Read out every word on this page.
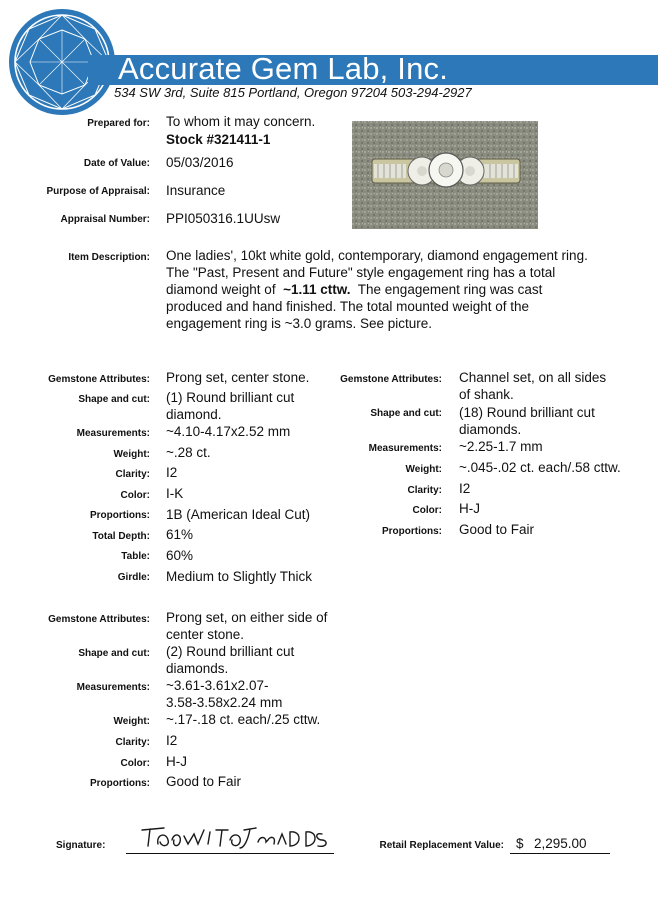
Accurate Gem Lab, Inc.
534 SW 3rd, Suite 815 Portland, Oregon 97204 503-294-2927
Prepared for: To whom it may concern.
Stock #321411-1
Date of Value: 05/03/2016
Purpose of Appraisal: Insurance
Appraisal Number: PPI050316.1UUsw
Item Description: One ladies', 10kt white gold, contemporary, diamond engagement ring.
The "Past, Present and Future" style engagement ring has a total
diamond weight of ~1.11 cttw. The engagement ring was cast
produced and hand finished. The total mounted weight of the
engagement ring is ~3.0 grams. See picture.
Gemstone Attributes: Prong set, center stone.
Shape and cut: (1) Round brilliant cut
diamond.
Measurements: ~4.10-4.17x2.52 mm
Weight: ~.28 ct.
Clarity: I2
Color: I-K
Proportions: 1B (American Ideal Cut)
Total Depth: 61%
Table: 60%
Girdle: Medium to Slightly Thick
Gemstone Attributes: Channel set, on all sides
of shank.
Shape and cut: (18) Round brilliant cut
diamonds.
Measurements: ~2.25-1.7 mm
Weight: ~.045-.02 ct. each/.58 cttw.
Clarity: I2
Color: H-J
Proportions: Good to Fair
Gemstone Attributes: Prong set, on either side of
center stone.
Shape and cut: (2) Round brilliant cut
diamonds.
Measurements: ~3.61-3.61x2.07-
3.58-3.58x2.24 mm
Weight: ~.17-.18 ct. each/.25 cttw.
Clarity: I2
Color: H-J
Proportions: Good to Fair
Signature:	Retail Replacement Value: $ 2,295.00
